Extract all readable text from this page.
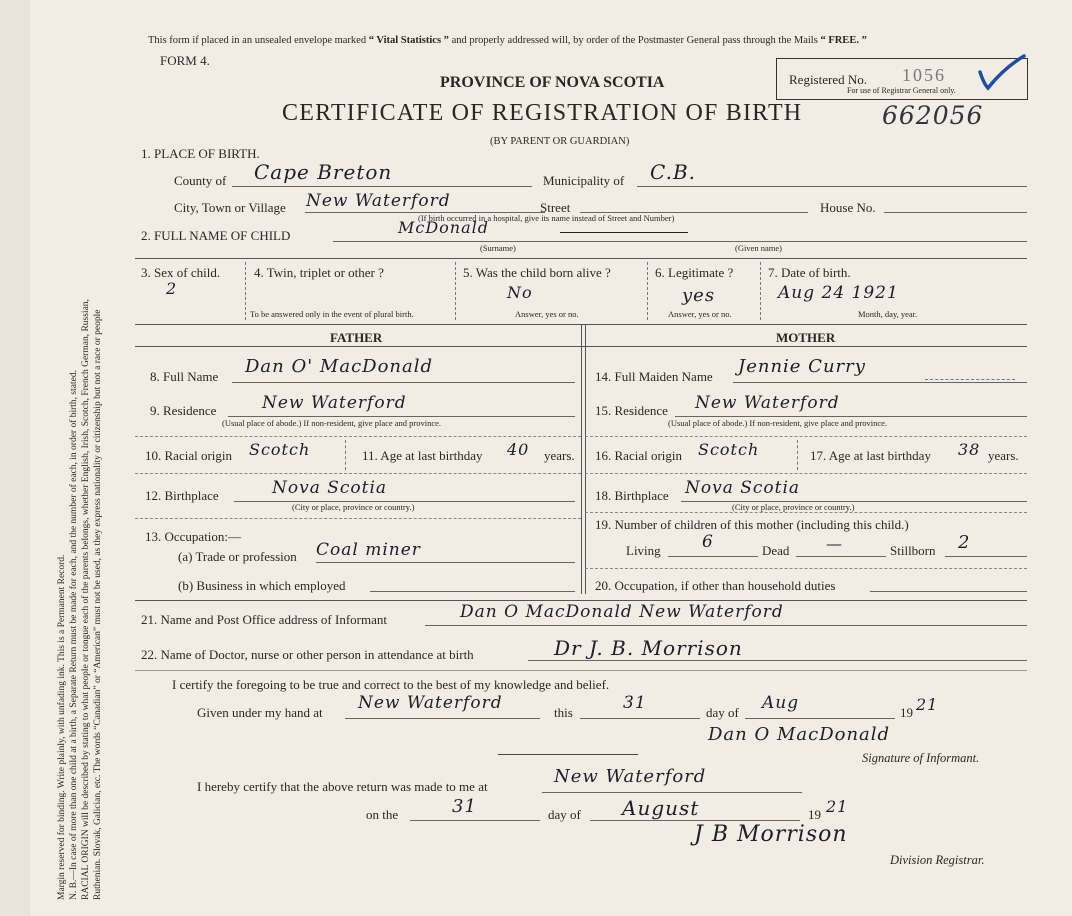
Margin reserved for binding. Write plainly, with unfading ink. This is a Permanent Record. N. B.—In case of more than one child at a birth, a Separate Return must be made for each, and the number of each, in order of birth, stated. RACIAL ORIGIN will be described by stating to what people or tongue each of the parents belongs, whether English, Irish, Scotch, French German, Russian, Ruthenian. Slovak, Galician, etc. The words “Canadian” or “American” must not be used, as they express nationality or citizenship but not a race or people
This form if placed in an unsealed envelope marked “ Vital Statistics ” and properly addressed will, by order of the Postmaster General pass through the Mails “ FREE. ”
FORM 4.
PROVINCE OF NOVA SCOTIA
CERTIFICATE OF REGISTRATION OF BIRTH
(BY PARENT OR GUARDIAN)
662056
Registered No. 1056
For use of Registrar General only.
1. PLACE OF BIRTH.
County of Cape Breton	Municipality of C.B.
City, Town or Village New Waterford	Street	House No.
(If birth occurred in a hospital, give its name instead of Street and Number)
2. FULL NAME OF CHILD	McDonald
(Surname)	(Given name)
3. Sex of child.
2
4. Twin, triplet or other ?
To be answered only in the event of plural birth.
5. Was the child born alive ?
No
Answer, yes or no.
6. Legitimate ?
yes
Answer, yes or no.
7. Date of birth.
Aug 24 1921
Month, day, year.
FATHER	MOTHER
8. Full Name Dan O' MacDonald
9. Residence	New Waterford
(Usual place of abode.) If non-resident, give place and province.
10. Racial origin Scotch	11. Age at last birthday 40 years.
12. Birthplace	Nova Scotia
(City or place, province or country.)
13. Occupation:—
(a) Trade or profession Coal miner
(b) Business in which employed
14. Full Maiden Name Jennie Curry
15. Residence New Waterford
(Usual place of abode.) If non-resident, give place and province.
16. Racial origin Scotch	17. Age at last birthday 38 years.
18. Birthplace Nova Scotia
(City or place, province or country.)
19. Number of children of this mother (including this child.)
Living 6	Dead —	Stillborn 2
20. Occupation, if other than household duties
21. Name and Post Office address of Informant	Dan O MacDonald New Waterford
22. Name of Doctor, nurse or other person in attendance at birth	Dr J. B. Morrison
I certify the foregoing to be true and correct to the best of my knowledge and belief.
Given under my hand at New Waterford	this	31	day of Aug	19 21
Dan O MacDonald
Signature of Informant.
I hereby certify that the above return was made to me at	New Waterford
on the	31	day of August	19 21
J B Morrison
Division Registrar.
